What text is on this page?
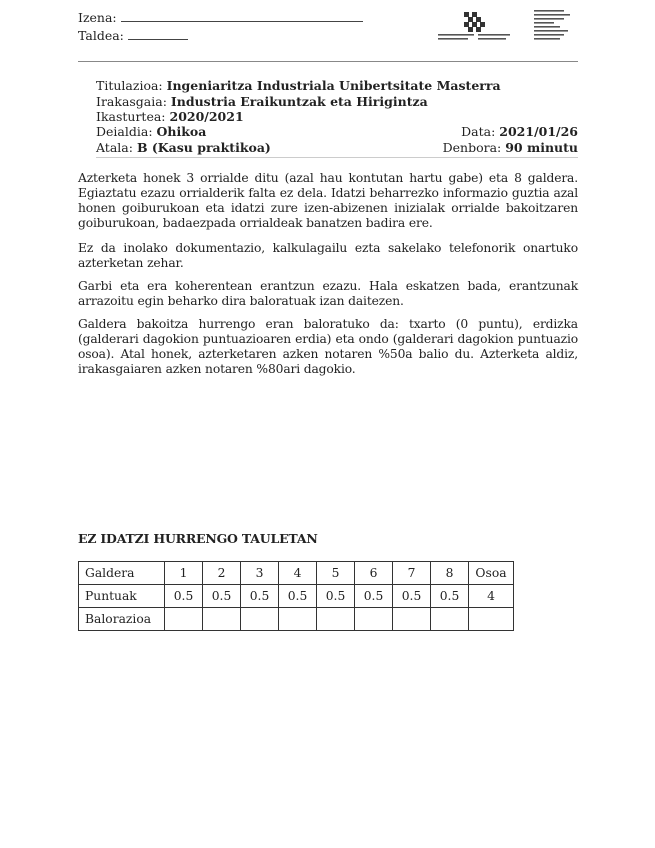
Izena:
Taldea:
Titulazioa: Ingeniaritza Industriala Unibertsitate Masterra
Irakasgaia: Industria Eraikuntzak eta Hirigintza
Ikasturtea: 2020/2021
Deialdia: Ohikoa	Data: 2021/01/26
Atala: B (Kasu praktikoa)	Denbora: 90 minutu
Azterketa honek 3 orrialde ditu (azal hau kontutan hartu gabe) eta 8 galdera. Egiaztatu ezazu orrialderik falta ez dela. Idatzi beharrezko informazio guztia azal honen goiburukoan eta idatzi zure izen-abizenen inizialak orrialde bakoitzaren goiburukoan, badaezpada orrialdeak banatzen badira ere.
Ez da inolako dokumentazio, kalkulagailu ezta sakelako telefonorik onartuko azterketan zehar.
Garbi eta era koherentean erantzun ezazu. Hala eskatzen bada, erantzunak arrazoitu egin beharko dira baloratuak izan daitezen.
Galdera bakoitza hurrengo eran baloratuko da: txarto (0 puntu), erdizka (galderari dagokion puntuazioaren erdia) eta ondo (galderari dagokion puntuazio osoa). Atal honek, azterketaren azken notaren %50a balio du. Azterketa aldiz, irakasgaiaren azken notaren %80ari dagokio.
EZ IDATZI HURRENGO TAULETAN
Galdera	1	2	3	4	5	6	7	8	Osoa
Puntuak	0.5	0.5	0.5	0.5	0.5	0.5	0.5	0.5	4
Balorazioa									
